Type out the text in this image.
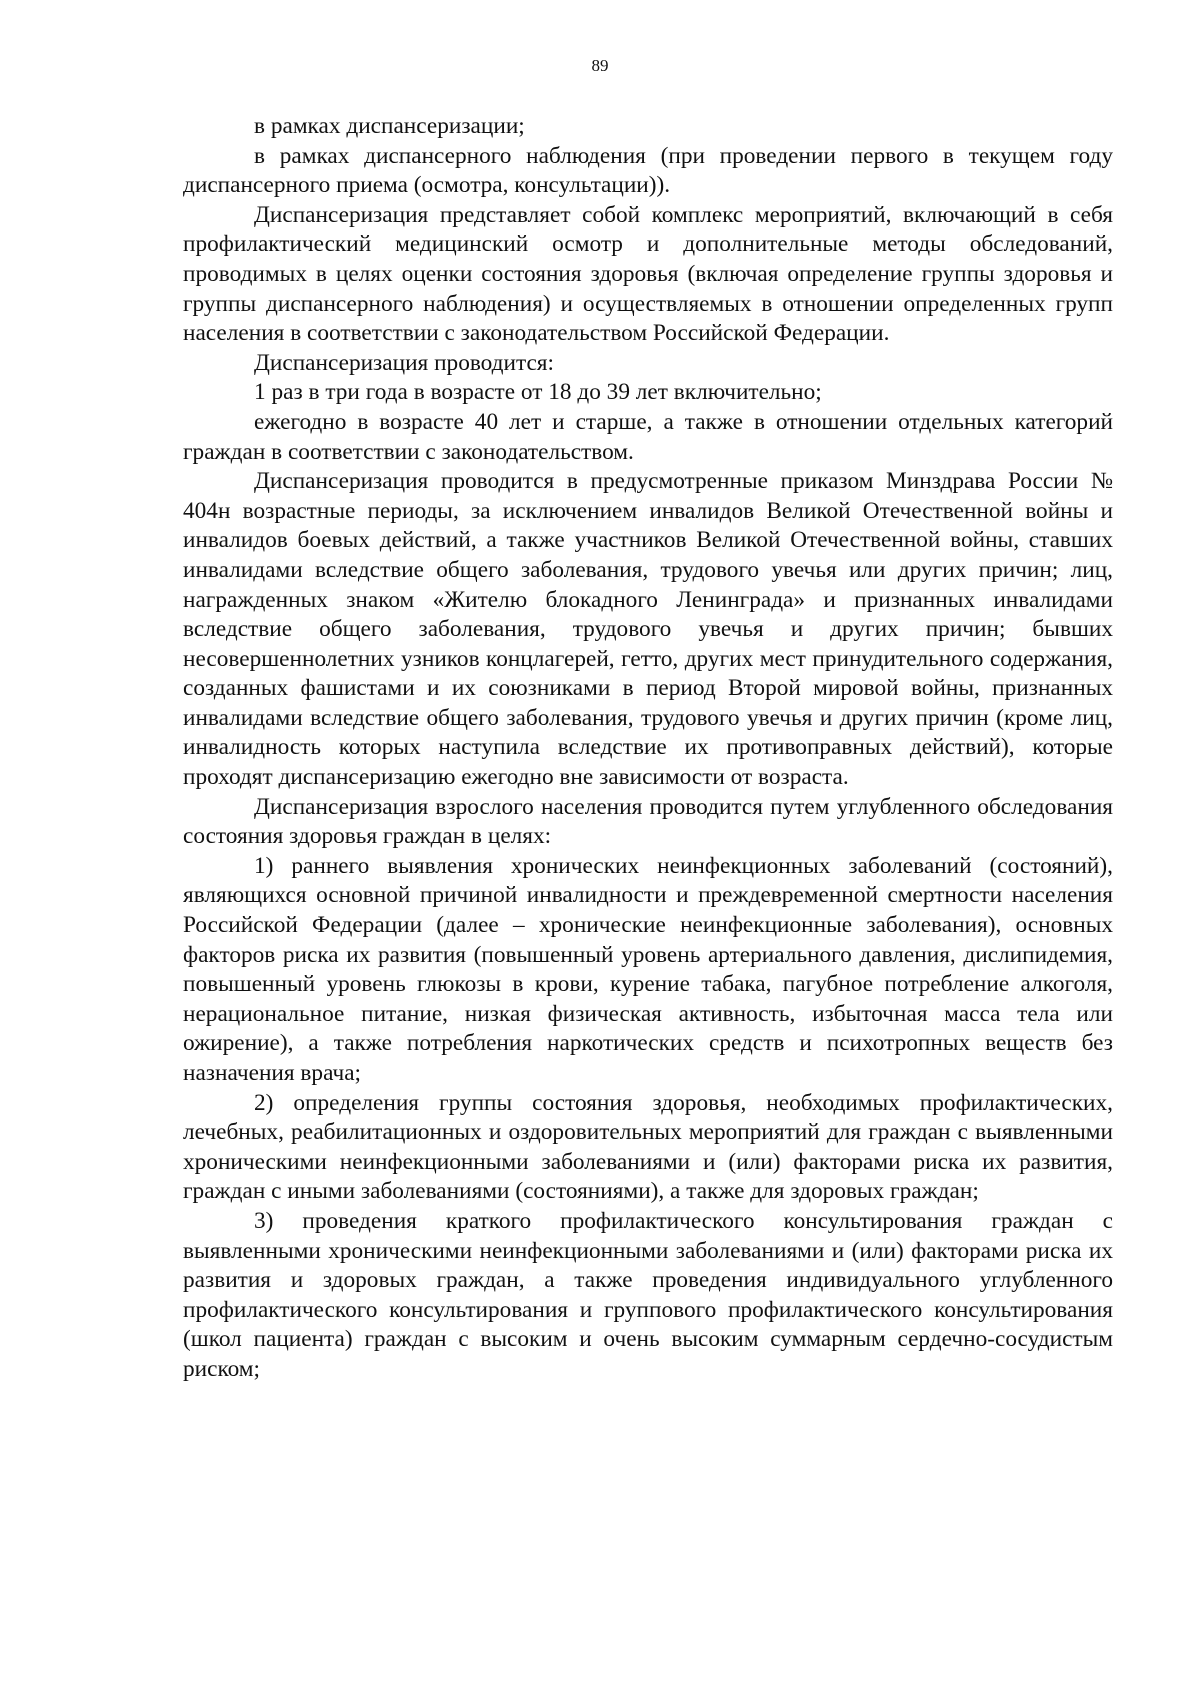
89

в рамках диспансеризации;

в рамках диспансерного наблюдения (при проведении первого в текущем году диспансерного приема (осмотра, консультации)).

Диспансеризация представляет собой комплекс мероприятий, включающий в себя профилактический медицинский осмотр и дополнительные методы обследований, проводимых в целях оценки состояния здоровья (включая определение группы здоровья и группы диспансерного наблюдения) и осуществляемых в отношении определенных групп населения в соответствии с законодательством Российской Федерации.

Диспансеризация проводится:

1 раз в три года в возрасте от 18 до 39 лет включительно;

ежегодно в возрасте 40 лет и старше, а также в отношении отдельных категорий граждан в соответствии с законодательством.

Диспансеризация проводится в предусмотренные приказом Минздрава России № 404н возрастные периоды, за исключением инвалидов Великой Отечественной войны и инвалидов боевых действий, а также участников Великой Отечественной войны, ставших инвалидами вследствие общего заболевания, трудового увечья или других причин; лиц, награжденных знаком «Жителю блокадного Ленинграда» и признанных инвалидами вследствие общего заболевания, трудового увечья и других причин; бывших несовершеннолетних узников концлагерей, гетто, других мест принудительного содержания, созданных фашистами и их союзниками в период Второй мировой войны, признанных инвалидами вследствие общего заболевания, трудового увечья и других причин (кроме лиц, инвалидность которых наступила вследствие их противоправных действий), которые проходят диспансеризацию ежегодно вне зависимости от возраста.

Диспансеризация взрослого населения проводится путем углубленного обследования состояния здоровья граждан в целях:

1) раннего выявления хронических неинфекционных заболеваний (состояний), являющихся основной причиной инвалидности и преждевременной смертности населения Российской Федерации (далее – хронические неинфекционные заболевания), основных факторов риска их развития (повышенный уровень артериального давления, дислипидемия, повышенный уровень глюкозы в крови, курение табака, пагубное потребление алкоголя, нерациональное питание, низкая физическая активность, избыточная масса тела или ожирение), а также потребления наркотических средств и психотропных веществ без назначения врача;

2) определения группы состояния здоровья, необходимых профилактических, лечебных, реабилитационных и оздоровительных мероприятий для граждан с выявленными хроническими неинфекционными заболеваниями и (или) факторами риска их развития, граждан с иными заболеваниями (состояниями), а также для здоровых граждан;

3) проведения краткого профилактического консультирования граждан с выявленными хроническими неинфекционными заболеваниями и (или) факторами риска их развития и здоровых граждан, а также проведения индивидуального углубленного профилактического консультирования и группового профилактического консультирования (школ пациента) граждан с высоким и очень высоким суммарным сердечно-сосудистым риском;
